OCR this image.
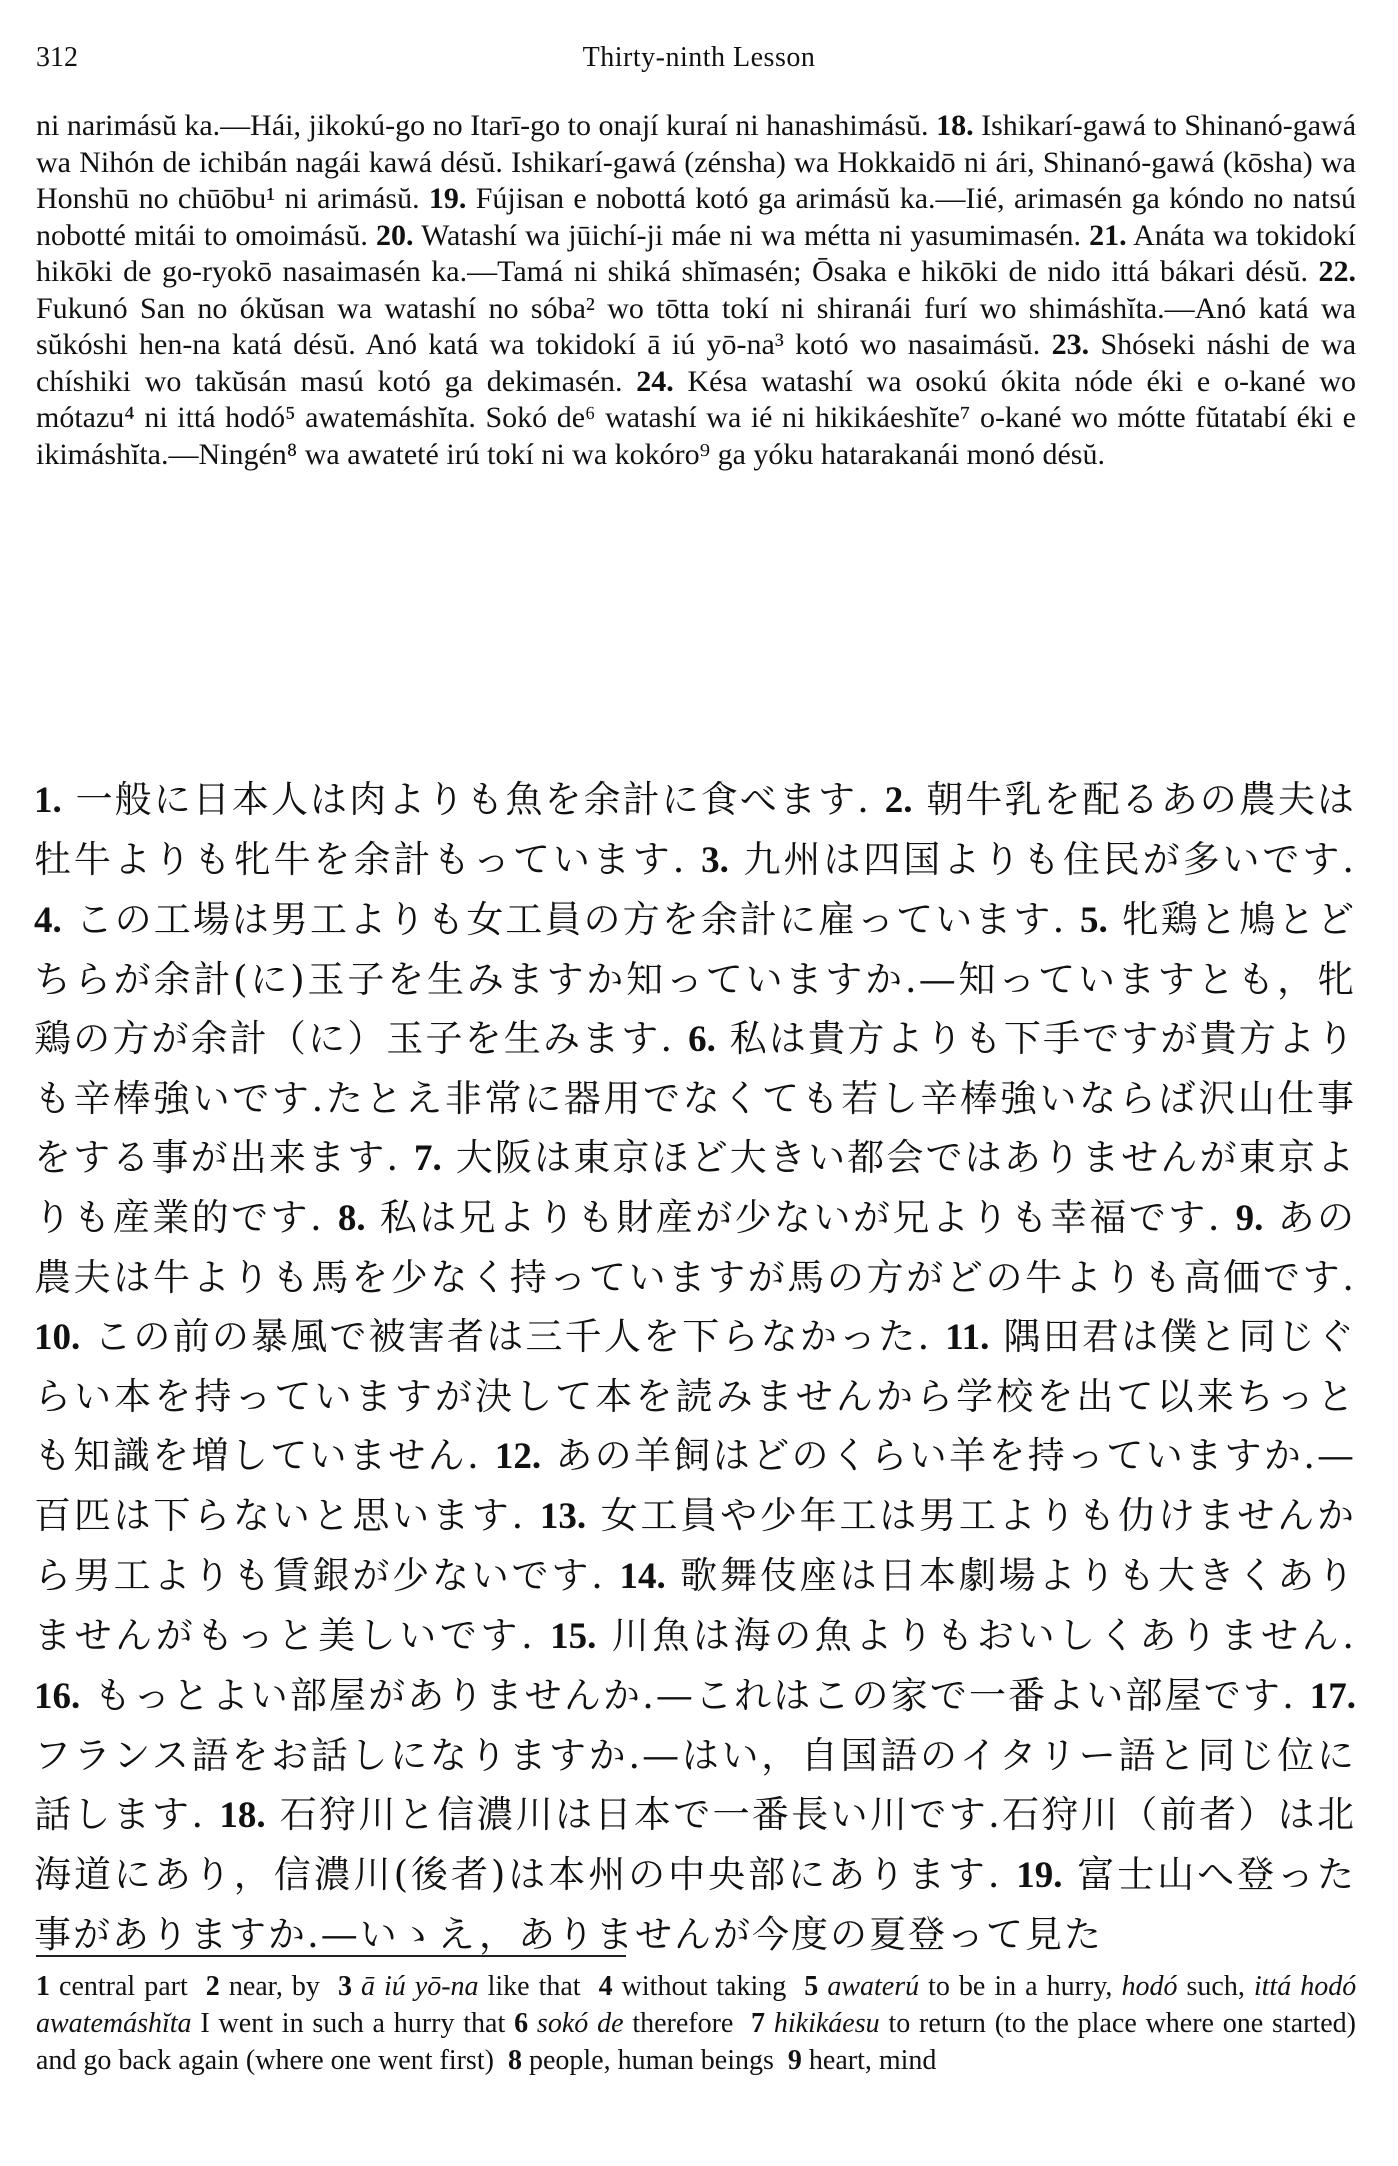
312	Thirty-ninth Lesson
ni narimásŭ ka.—Hái, jikokú-go no Itarī-go to onají kuraí ni hanashimásŭ. 18. Ishikarí-gawá to Shinanó-gawá wa Nihón de ichibán nagái kawá désŭ. Ishikarí-gawá (zénsha) wa Hokkaidō ni ári, Shinanó-gawá (kōsha) wa Honshū no chūōbu¹ ni arimásŭ. 19. Fújisan e nobottá kotó ga arimásŭ ka.—Iié, arimasén ga kóndo no natsú nobotté mitái to omoimásŭ. 20. Watashí wa jūichí-ji máe ni wa métta ni yasumimasén. 21. Anáta wa tokidokí hikōki de go-ryokō nasaimasén ka.—Tamá ni shiká shĭmasén; Ōsaka e hikōki de nido ittá bákari désŭ. 22. Fukunó San no ókŭsan wa watashí no sóba² wo tōtta tokí ni shiranái furí wo shimáshĭta.—Anó katá wa sŭkóshi hen-na katá désŭ. Anó katá wa tokidokí ā iú yō-na³ kotó wo nasaimásŭ. 23. Shóseki náshi de wa chíshiki wo takŭsán masú kotó ga dekimasén. 24. Késa watashí wa osokú ókita nóde éki e o-kané wo mótazu⁴ ni ittá hodó⁵ awatemáshĭta. Sokó de⁶ watashí wa ié ni hikikáeshĭte⁷ o-kané wo mótte fŭtatabí éki e ikimáshĭta.—Ningén⁸ wa awateté irú tokí ni wa kokóro⁹ ga yóku hatarakanái monó désŭ.
1. 一般に日本人は肉よりも魚を余計に食べます. 2. 朝牛乳を配るあの農夫は牡牛よりも牝牛を余計もっています. 3. 九州は四国よりも住民が多いです. 4. この工場は男工よりも女工員の方を余計に雇っています. 5. 牝鶏と鳩とどちらが余計(に)玉子を生みますか知っていますか.—知っていますとも，牝鶏の方が余計（に）玉子を生みます. 6. 私は貴方よりも下手ですが貴方よりも辛棒強いです.たとえ非常に器用でなくても若し辛棒強いならば沢山仕事をする事が出来ます. 7. 大阪は東京ほど大きい都会ではありませんが東京よりも産業的です. 8. 私は兄よりも財産が少ないが兄よりも幸福です. 9. あの農夫は牛よりも馬を少なく持っていますが馬の方がどの牛よりも高価です. 10. この前の暴風で被害者は三千人を下らなかった. 11. 隅田君は僕と同じぐらい本を持っていますが決して本を読みませんから学校を出て以来ちっとも知識を増していません. 12. あの羊飼はどのくらい羊を持っていますか.—百匹は下らないと思います. 13. 女工員や少年工は男工よりも仂けませんから男工よりも賃銀が少ないです. 14. 歌舞伎座は日本劇場よりも大きくありませんがもっと美しいです. 15. 川魚は海の魚よりもおいしくありません. 16. もっとよい部屋がありませんか.—これはこの家で一番よい部屋です. 17. フランス語をお話しになりますか.—はい，自国語のイタリー語と同じ位に話します. 18. 石狩川と信濃川は日本で一番長い川です.石狩川（前者）は北海道にあり，信濃川(後者)は本州の中央部にあります. 19. 富士山へ登った事がありますか.—いゝえ，ありませんが今度の夏登って見た
1 central part 2 near, by 3 ā iú yō-na like that 4 without taking 5 awaterú to be in a hurry, hodó such, ittá hodó awatemáshĭta I went in such a hurry that 6 sokó de therefore 7 hikikáesu to return (to the place where one started) and go back again (where one went first) 8 people, human beings 9 heart, mind
